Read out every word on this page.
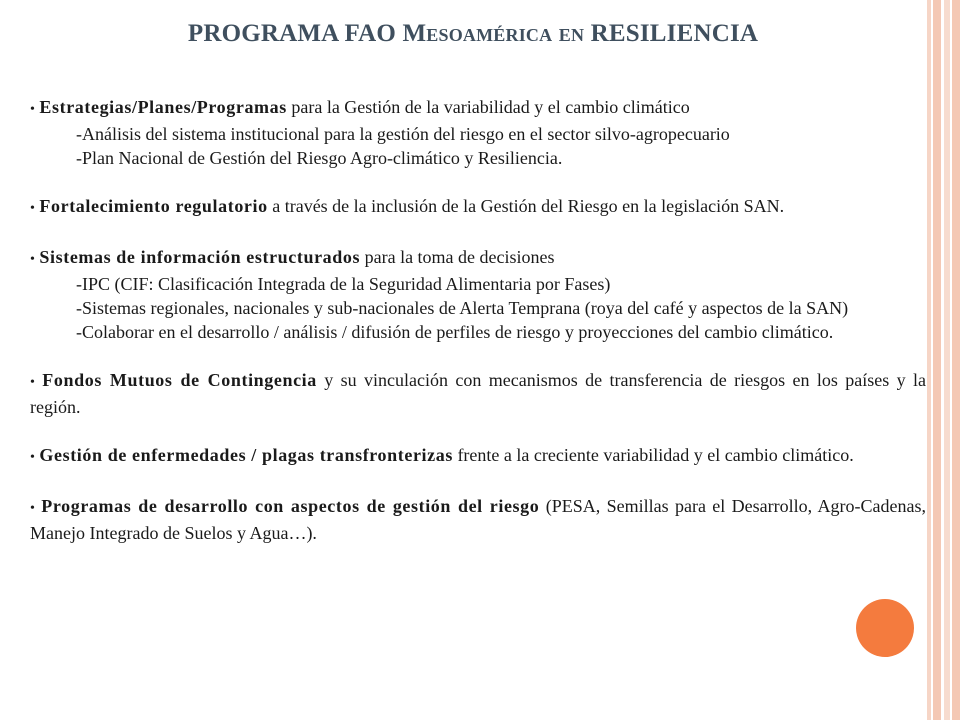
PROGRAMA FAO Mesoamérica en RESILIENCIA

• Estrategias/Planes/Programas para la Gestión de la variabilidad y el cambio climático

-Análisis del sistema institucional para la gestión del riesgo en el sector silvo-agropecuario

-Plan Nacional de Gestión del Riesgo Agro-climático y Resiliencia.

• Fortalecimiento regulatorio a través de la inclusión de la Gestión del Riesgo en la legislación SAN.

• Sistemas de información estructurados para la toma de decisiones

-IPC (CIF: Clasificación Integrada de la Seguridad Alimentaria por Fases)

-Sistemas regionales, nacionales y sub-nacionales de Alerta Temprana (roya del café y aspectos de la SAN)

-Colaborar en el desarrollo / análisis / difusión de perfiles de riesgo y proyecciones del cambio climático.

• Fondos Mutuos de Contingencia y su vinculación con mecanismos de transferencia de riesgos en los países y la región.

• Gestión de enfermedades / plagas transfronterizas frente a la creciente variabilidad y el cambio climático.

• Programas de desarrollo con aspectos de gestión del riesgo (PESA, Semillas para el Desarrollo, Agro-Cadenas, Manejo Integrado de Suelos y Agua…).
